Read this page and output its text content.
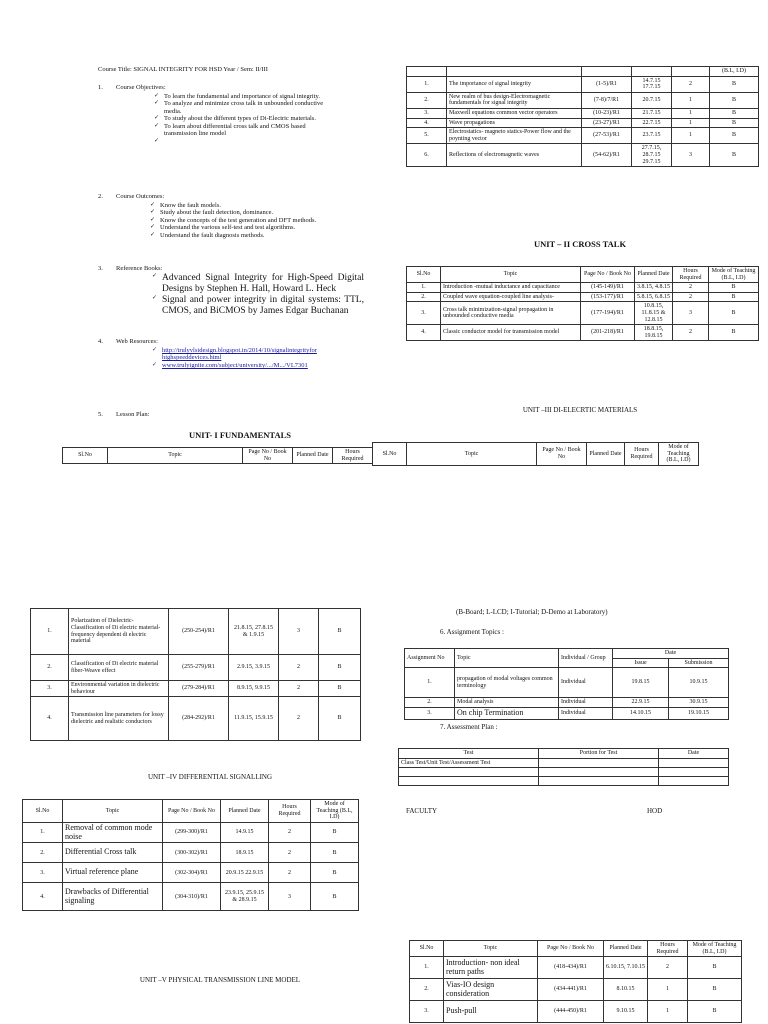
Course Title: SIGNAL INTEGRITY FOR HSD Year / Sem: II/III
1. Course Objectives:
✓ To learn the fundamental and importance of signal integrity.
✓ To analyze and minimize cross talk in unbounded conductive media.
✓ To study about the different types of Di-Electric materials.
✓ To learn about differential cross talk and CMOS based transmission line model
2. Course Outcomes:
✓ Know the fault models.
✓ Study about the fault detection, dominance.
✓ Know the concepts of the test generation and DFT methods.
✓ Understand the various self-test and test algorithms.
✓ Understand the fault diagnosis methods.
3. Reference Books:
✓ Advanced Signal Integrity for High-Speed Digital Designs by Stephen H. Hall, Howard L. Heck
✓ Signal and power integrity in digital systems: TTL, CMOS, and BiCMOS by James Edgar Buchanan
4. Web Resources:
✓ http://trulyvlsidesign.blogspot.in/2014/10/signalintegrityfor highspeeddevices.html
✓ www.trulyignite.com/subject/university/.../M.../VL7301
5. Lesson Plan:
UNIT- I FUNDAMENTALS
Sl.No	Topic	Page No / Book No	Planned Date	Hours Required
					(B.L, I.D)
1.	The importance of signal integrity	(1-5)/R1	14.7.15 17.7.15	2	B
2.	New realm of bus design-Electromagnetic fundamentals for signal integrity	(7-8)/7/R1	20.7.15	1	B
3.	Maxwell equations common vector operators	(10-23)/R1	21.7.15	1	B
4.	Wave propagations	(23-27)/R1	22.7.15	1	B
5.	Electrostatics- magneto statics-Power flow and the poynting vector	(27-53)/R1	23.7.15	1	B
6.	Reflections of electromagnetic waves	(54-62)/R1	27.7.15, 28.7.15 29.7.15	3	B
UNIT – II CROSS TALK
Sl.No	Topic	Page No / Book No	Planned Date	Hours Required	Mode of Teaching (B.L, I.D)
1.	Introduction -mutual inductance and capacitance	(145-149)/R1	3.8.15, 4.8.15	2	B
2.	Coupled wave equation-coupled line analysis-	(153-177)/R1	5.8.15, 6.8.15	2	B
3.	Cross talk minimization-signal propagation in unbounded conductive media	(177-194)/R1	10.8.15, 11.8.15 & 12.8.15	3	B
4.	Classic conductor model for transmission model	(201-218)/R1	18.8.15, 19.8.15	2	B
UNIT –III DI-ELECRTIC MATERIALS
Sl.No	Topic	Page No / Book No	Planned Date	Hours Required	Mode of Teaching (B.L, I.D)
1.	Polarization of Dielectric-Classification of Di electric material-frequency dependent di electric material	(250-254)/R1	21.8.15, 27.8.15 & 1.9.15	3	B
2.	Classification of Di electric material fiber-Weave effect	(255-279)/R1	2.9.15, 3.9.15	2	B
3.	Environmental variation in dielectric behaviour	(279-284)/R1	8.9.15, 9.9.15	2	B
4.	Transmission line parameters for lossy dielectric and realistic conductors	(284-292)/R1	11.9.15, 15.9.15	2	B
UNIT –IV DIFFERENTIAL SIGNALLING
Sl.No	Topic	Page No / Book No	Planned Date	Hours Required	Mode of Teaching (B.L, I.D)
1.	Removal of common mode noise	(299-300)/R1	14.9.15	2	B
2.	Differential Cross talk	(300-302)/R1	18.9.15	2	B
3.	Virtual reference plane	(302-304)/R1	20.9.15 22.9.15	2	B
4.	Drawbacks of Differential signaling	(304-310)/R1	23.9.15, 25.9.15 & 28.9.15	3	B
UNIT –V PHYSICAL TRANSMISSION LINE MODEL
(B-Board; L-LCD; I-Tutorial; D-Demo at Laboratory)
6. Assignment Topics :
Assignment No	Topic	Individual / Group	Date	
			Issue	Submission
1.	propagation of modal voltages common terminology	Individual	19.8.15	10.9.15
2.	Modal analysis	Individual	22.9.15	30.9.15
3.	On chip Termination	Individual	14.10.15	19.10.15
7. Assessment Plan :
Test	Portion for Test	Date
Class Test/Unit Test/Assessment Test		

FACULTY	HOD
Sl.No	Topic	Page No / Book No	Planned Date	Hours Required	Mode of Teaching (B.L, I.D)
1.	Introduction- non ideal return paths	(418-434)/R1	6.10.15, 7.10.15	2	B
2.	Vias-IO design consideration	(434-441)/R1	8.10.15	1	B
3.	Push-pull	(444-450)/R1	9.10.15	1	B
